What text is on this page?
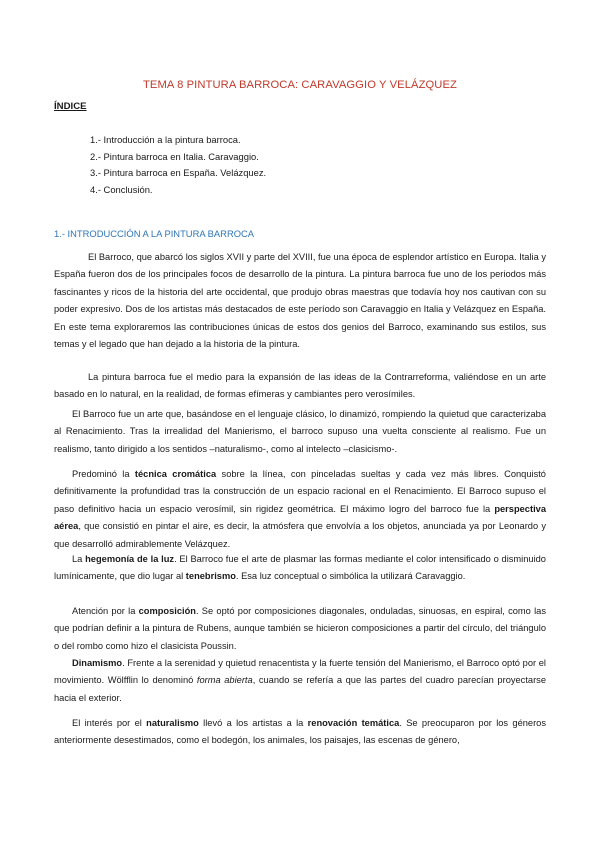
TEMA 8 PINTURA BARROCA: CARAVAGGIO Y VELÁZQUEZ
ÍNDICE
1.- Introducción a la pintura barroca.
2.- Pintura barroca en Italia. Caravaggio.
3.- Pintura barroca en España. Velázquez.
4.- Conclusión.
1.- INTRODUCCIÓN A LA PINTURA BARROCA

El Barroco, que abarcó los siglos XVII y parte del XVIII, fue una época de esplendor artístico en Europa. Italia y España fueron dos de los principales focos de desarrollo de la pintura. La pintura barroca fue uno de los periodos más fascinantes y ricos de la historia del arte occidental, que produjo obras maestras que todavía hoy nos cautivan con su poder expresivo. Dos de los artistas más destacados de este período son Caravaggio en Italia y Velázquez en España. En este tema exploraremos las contribuciones únicas de estos dos genios del Barroco, examinando sus estilos, sus temas y el legado que han dejado a la historia de la pintura.

La pintura barroca fue el medio para la expansión de las ideas de la Contrarreforma, valiéndose en un arte basado en lo natural, en la realidad, de formas efímeras y cambiantes pero verosímiles.

El Barroco fue un arte que, basándose en el lenguaje clásico, lo dinamizó, rompiendo la quietud que caracterizaba al Renacimiento. Tras la irrealidad del Manierismo, el barroco supuso una vuelta consciente al realismo. Fue un realismo, tanto dirigido a los sentidos –naturalismo-, como al intelecto –clasicismo-.

Predominó la técnica cromática sobre la línea, con pinceladas sueltas y cada vez más libres. Conquistó definitivamente la profundidad tras la construcción de un espacio racional en el Renacimiento. El Barroco supuso el paso definitivo hacia un espacio verosímil, sin rigidez geométrica. El máximo logro del barroco fue la perspectiva aérea, que consistió en pintar el aire, es decir, la atmósfera que envolvía a los objetos, anunciada ya por Leonardo y que desarrolló admirablemente Velázquez.

La hegemonía de la luz. El Barroco fue el arte de plasmar las formas mediante el color intensificado o disminuido lumínicamente, que dio lugar al tenebrismo. Esa luz conceptual o simbólica la utilizará Caravaggio.

Atención por la composición. Se optó por composiciones diagonales, onduladas, sinuosas, en espiral, como las que podrían definir a la pintura de Rubens, aunque también se hicieron composiciones a partir del círculo, del triángulo o del rombo como hizo el clasicista Poussin.

Dinamismo. Frente a la serenidad y quietud renacentista y la fuerte tensión del Manierismo, el Barroco optó por el movimiento. Wölfflin lo denominó forma abierta, cuando se refería a que las partes del cuadro parecían proyectarse hacia el exterior.

El interés por el naturalismo llevó a los artistas a la renovación temática. Se preocuparon por los géneros anteriormente desestimados, como el bodegón, los animales, los paisajes, las escenas de género,
